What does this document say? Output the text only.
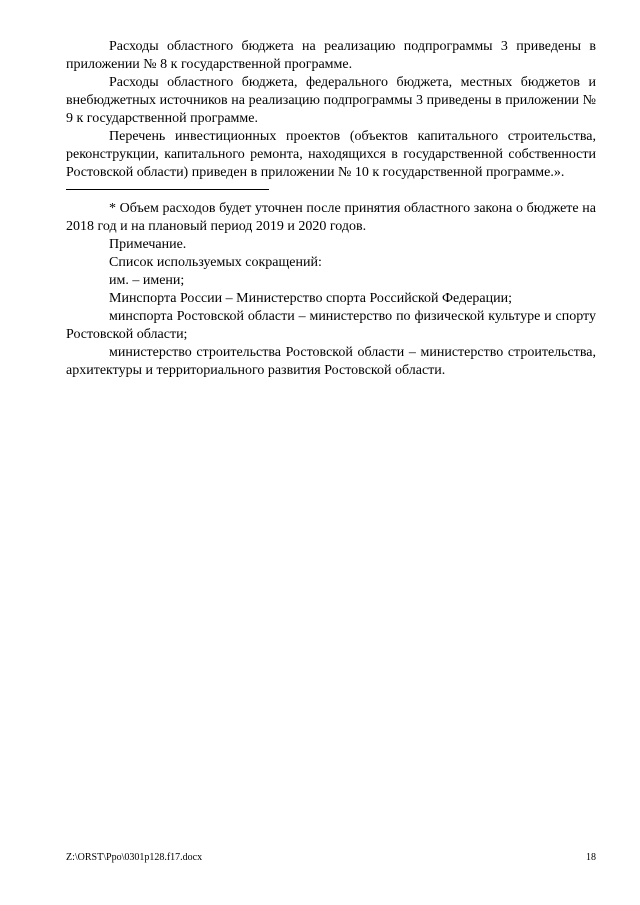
Расходы областного бюджета на реализацию подпрограммы 3 приведены в приложении № 8 к государственной программе.

Расходы областного бюджета, федерального бюджета, местных бюджетов и внебюджетных источников на реализацию подпрограммы 3 приведены в приложении № 9 к государственной программе.

Перечень инвестиционных проектов (объектов капитального строительства, реконструкции, капитального ремонта, находящихся в государственной собственности Ростовской области) приведен в приложении № 10 к государственной программе.».

* Объем расходов будет уточнен после принятия областного закона о бюджете на 2018 год и на плановый период 2019 и 2020 годов.

Примечание.

Список используемых сокращений:

им. – имени;

Минспорта России – Министерство спорта Российской Федерации;

минспорта Ростовской области – министерство по физической культуре и спорту Ростовской области;

министерство строительства Ростовской области – министерство строительства, архитектуры и территориального развития Ростовской области.

Z:\ORST\Ppo\0301p128.f17.docx	18
